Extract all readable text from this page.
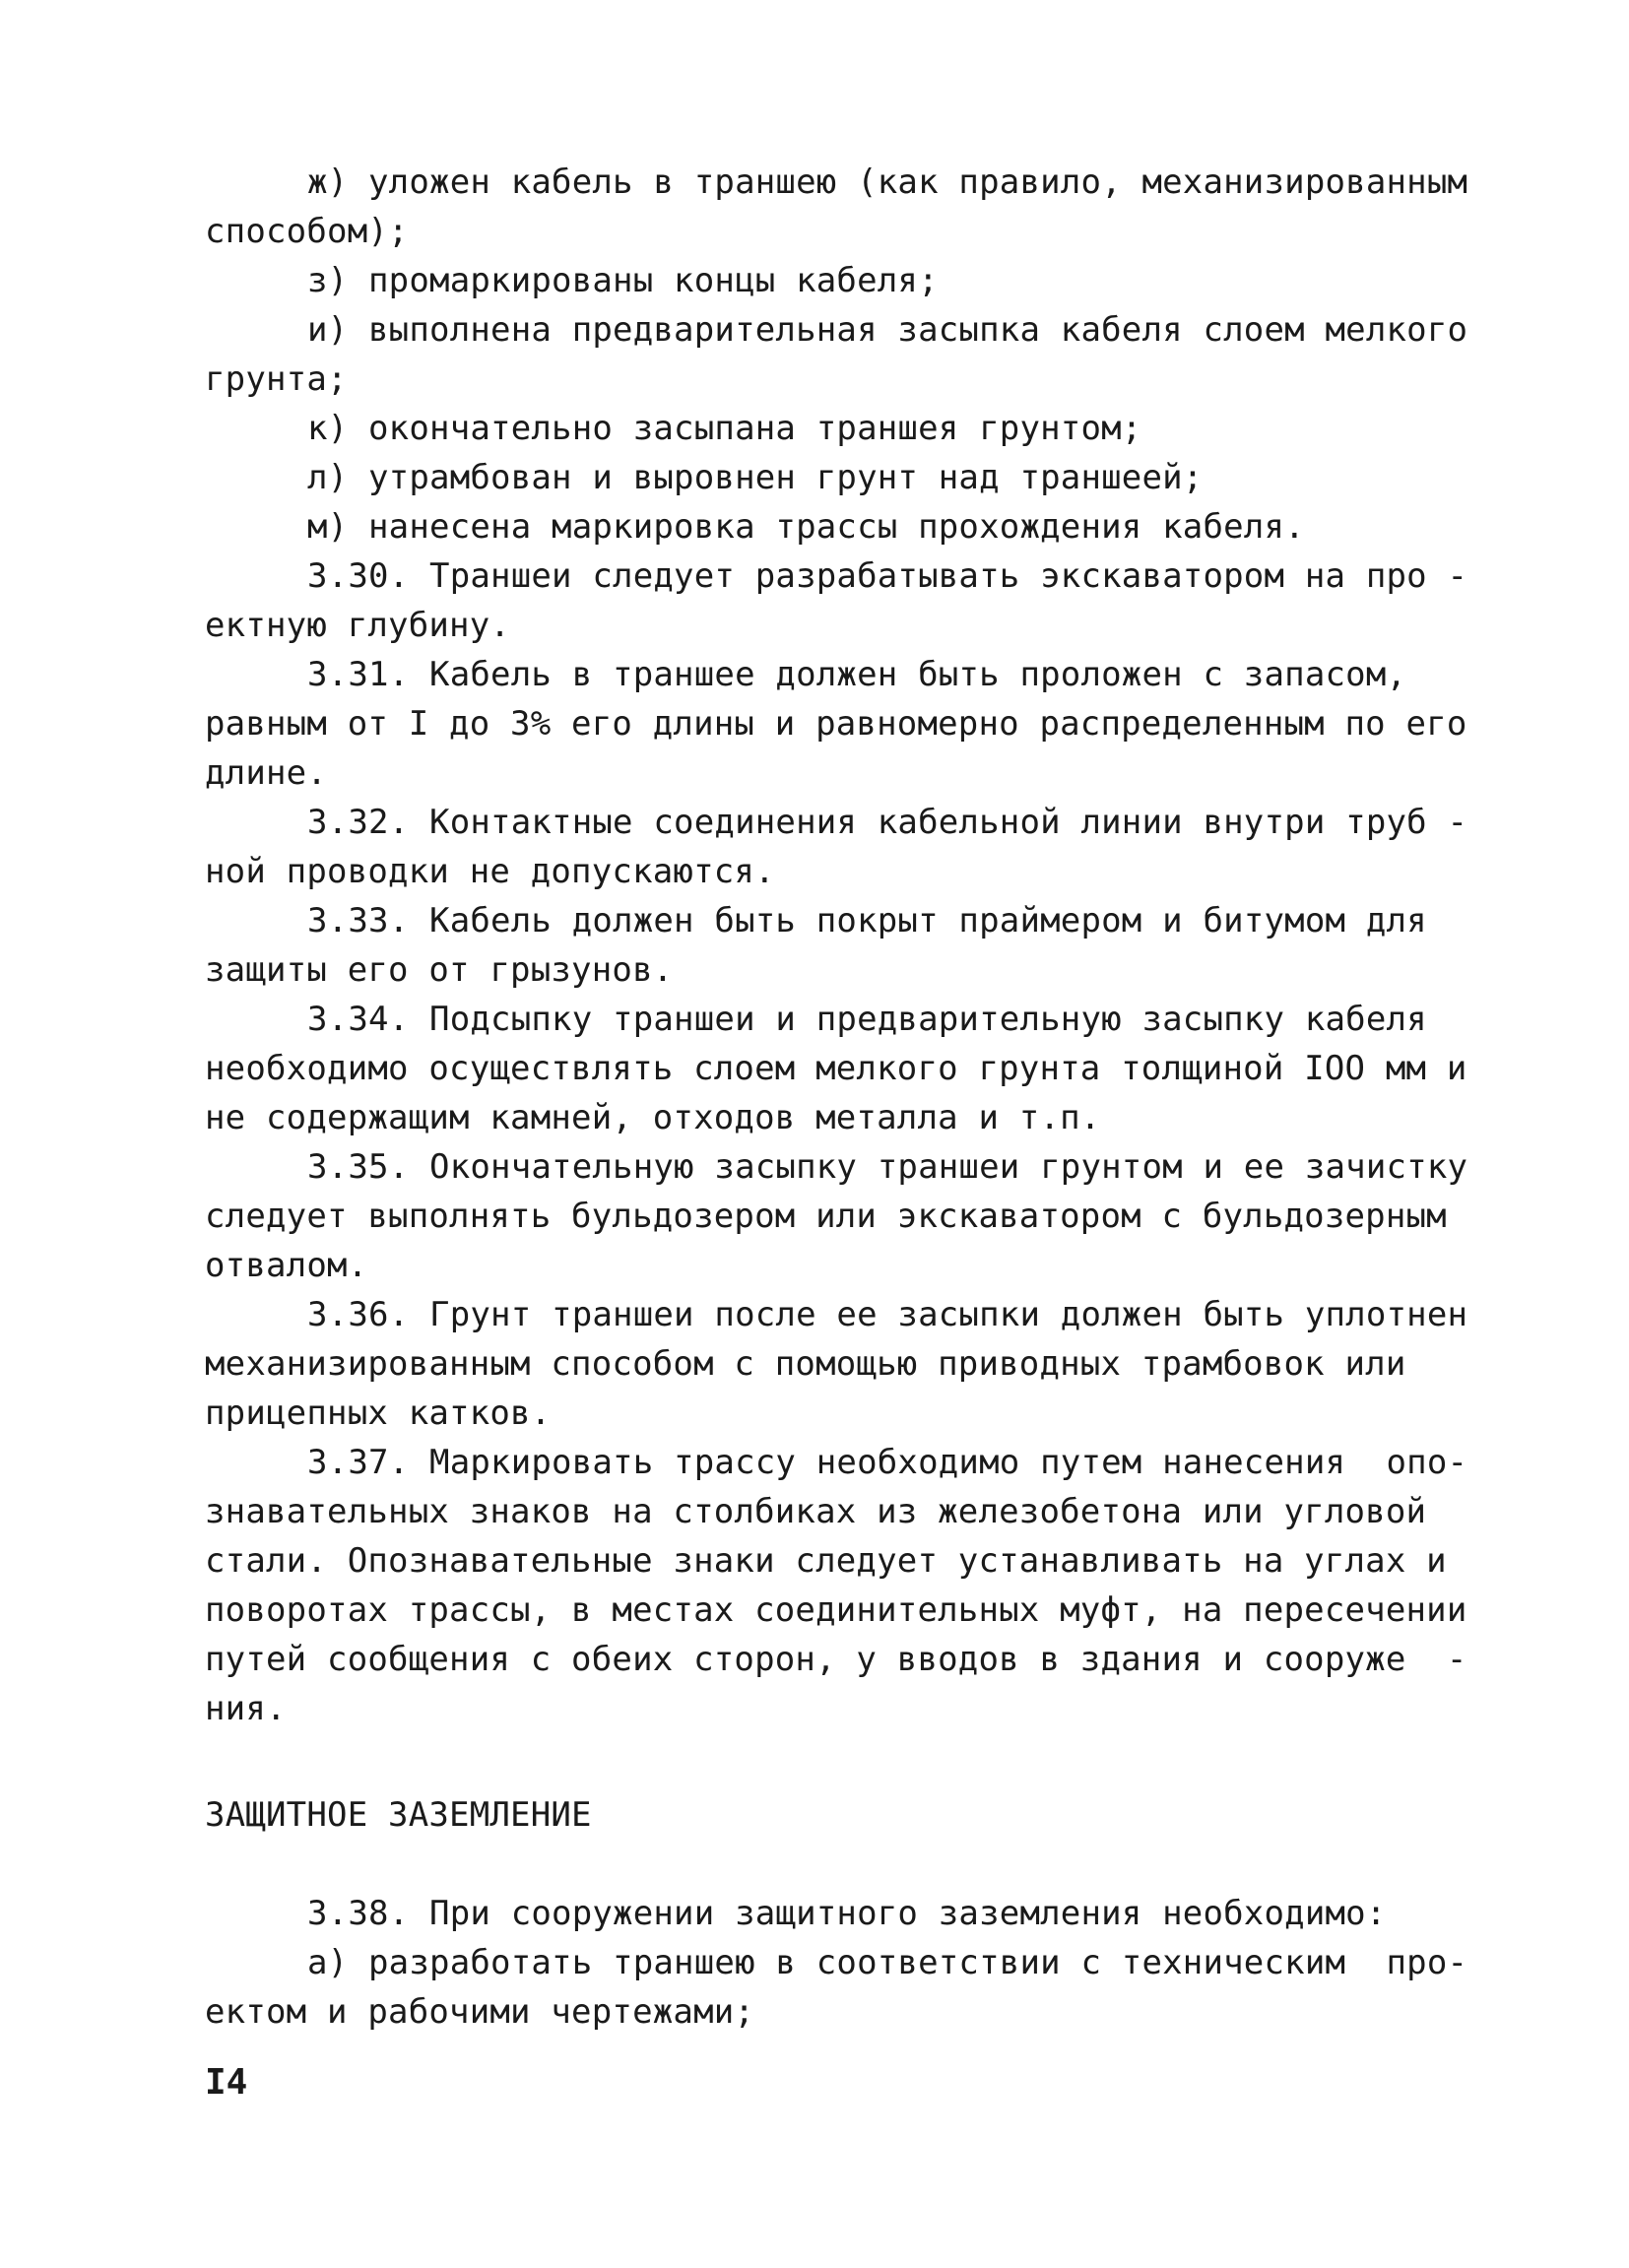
ж) уложен кабель в траншею (как правило, механизированным
способом);
з) промаркированы концы кабеля;
и) выполнена предварительная засыпка кабеля слоем мелкого
грунта;
к) окончательно засыпана траншея грунтом;
л) утрамбован и выровнен грунт над траншеей;
м) нанесена маркировка трассы прохождения кабеля.
3.30. Траншеи следует разрабатывать экскаватором на про -
ектную глубину.
3.31. Кабель в траншее должен быть проложен с запасом,
равным от I до 3% его длины и равномерно распределенным по его
длине.
3.32. Контактные соединения кабельной линии внутри труб -
ной проводки не допускаются.
3.33. Кабель должен быть покрыт праймером и битумом для
защиты его от грызунов.
3.34. Подсыпку траншеи и предварительную засыпку кабеля
необходимо осуществлять слоем мелкого грунта толщиной IOO мм и
не содержащим камней, отходов металла и т.п.
3.35. Окончательную засыпку траншеи грунтом и ее зачистку
следует выполнять бульдозером или экскаватором с бульдозерным
отвалом.
3.36. Грунт траншеи после ее засыпки должен быть уплотнен
механизированным способом с помощью приводных трамбовок или
прицепных катков.
3.37. Маркировать трассу необходимо путем нанесения  опо-
знавательных знаков на столбиках из железобетона или угловой
стали. Опознавательные знаки следует устанавливать на углах и
поворотах трассы, в местах соединительных муфт, на пересечении
путей сообщения с обеих сторон, у вводов в здания и сооруже  -
ния.
ЗАЩИТНОЕ ЗАЗЕМЛЕНИЕ
3.38. При сооружении защитного заземления необходимо:
а) разработать траншею в соответствии с техническим  про-
ектом и рабочими чертежами;
I4
